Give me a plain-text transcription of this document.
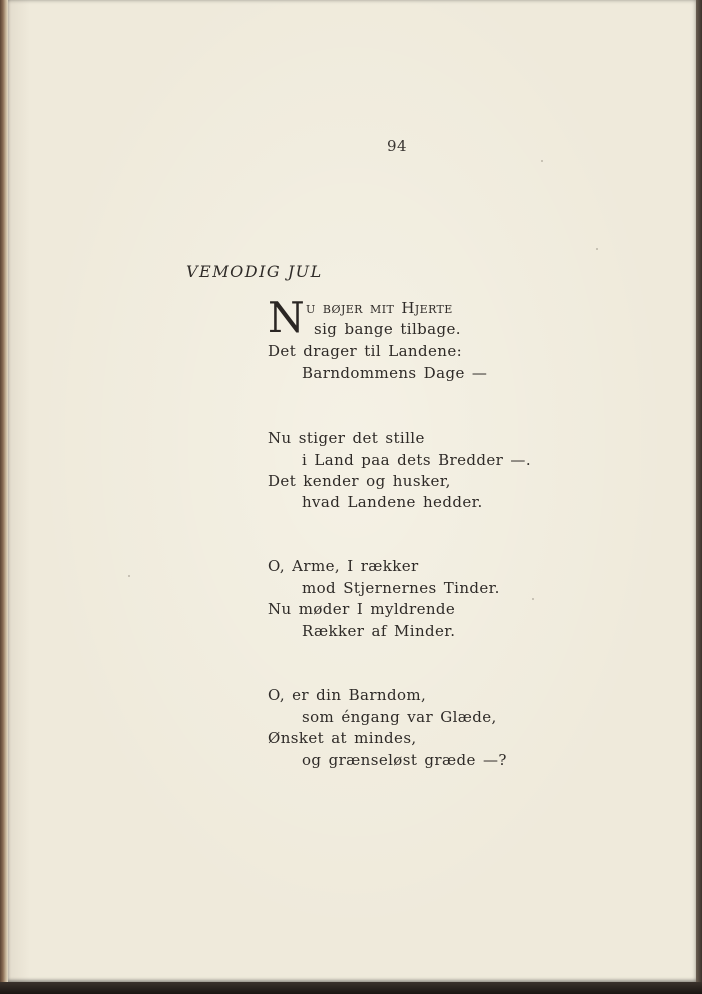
94
VEMODIG JUL
N u bøjer mit Hjerte
sig bange tilbage.
Det drager til Landene:
Barndommens Dage —
Nu stiger det stille
i Land paa dets Bredder —.
Det kender og husker,
hvad Landene hedder.
O, Arme, I rækker
mod Stjernernes Tinder.
Nu møder I myldrende
Rækker af Minder.
O, er din Barndom,
som éngang var Glæde,
Ønsket at mindes,
og grænseløst græde —?
